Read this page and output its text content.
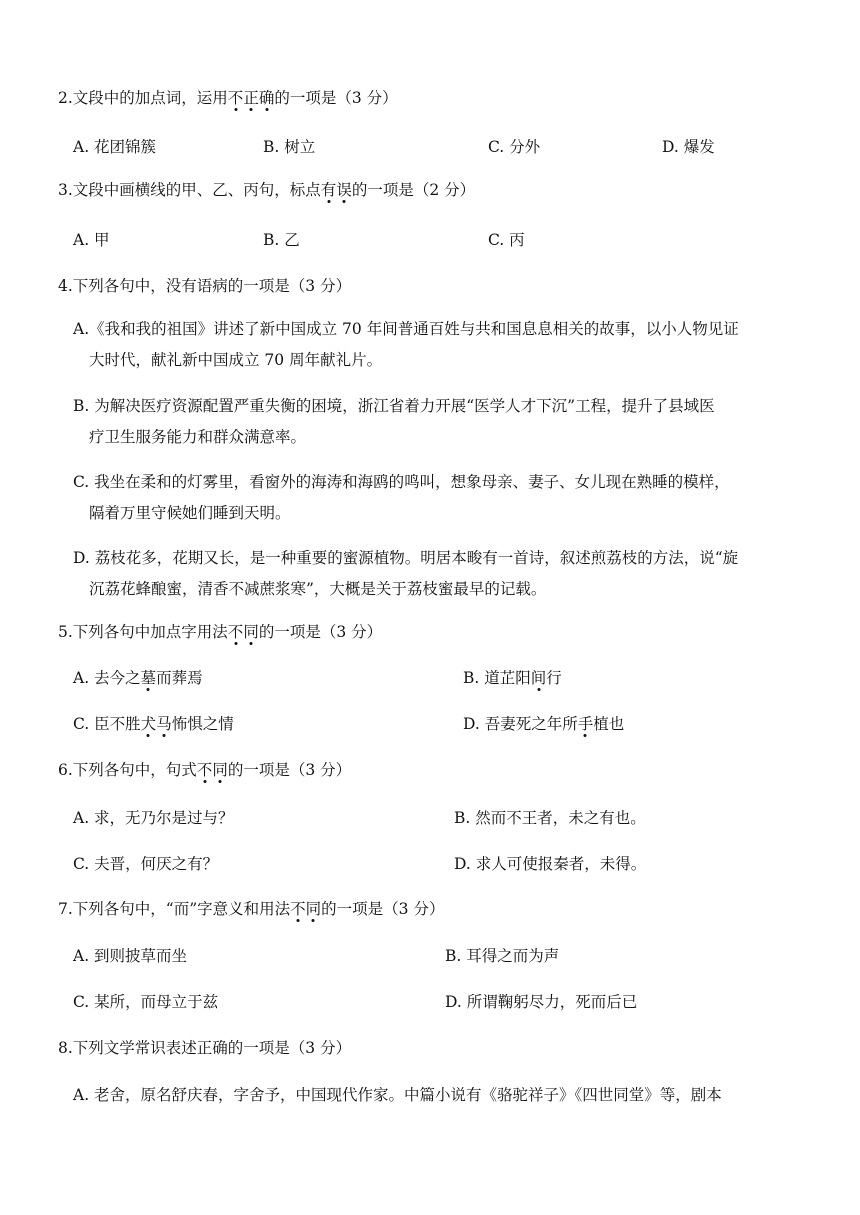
2.文段中的加点词，运用不正确的一项是（3 分）
A. 花团锦簇	B. 树立	C. 分外	D. 爆发
3.文段中画横线的甲、乙、丙句，标点有误的一项是（2 分）
A. 甲	B. 乙	C. 丙
4.下列各句中，没有语病的一项是（3 分）
A.《我和我的祖国》讲述了新中国成立 70 年间普通百姓与共和国息息相关的故事，以小人物见证
大时代，献礼新中国成立 70 周年献礼片。
B. 为解决医疗资源配置严重失衡的困境，浙江省着力开展“医学人才下沉”工程，提升了县域医
疗卫生服务能力和群众满意率。
C. 我坐在柔和的灯雾里，看窗外的海涛和海鸥的鸣叫，想象母亲、妻子、女儿现在熟睡的模样，
隔着万里守候她们睡到天明。
D. 荔枝花多，花期又长，是一种重要的蜜源植物。明居本畯有一首诗，叙述煎荔枝的方法，说“旋
沉荔花蜂酿蜜，清香不减蔗浆寒”，大概是关于荔枝蜜最早的记载。
5.下列各句中加点字用法不同的一项是（3 分）
A. 去今之墓而葬焉	B. 道芷阳间行
C. 臣不胜犬马怖惧之情	D. 吾妻死之年所手植也
6.下列各句中，句式不同的一项是（3 分）
A. 求，无乃尔是过与？	B. 然而不王者，未之有也。
C. 夫晋，何厌之有？	D. 求人可使报秦者，未得。
7.下列各句中，“而”字意义和用法不同的一项是（3 分）
A. 到则披草而坐	B. 耳得之而为声
C. 某所，而母立于兹	D. 所谓鞠躬尽力，死而后已
8.下列文学常识表述正确的一项是（3 分）
A. 老舍，原名舒庆春，字舍予，中国现代作家。中篇小说有《骆驼祥子》《四世同堂》等，剧本
